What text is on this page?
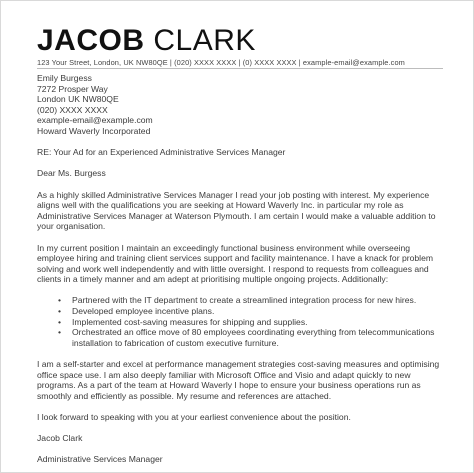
JACOB CLARK
123 Your Street, London, UK NW80QE | (020) XXXX XXXX | (0) XXXX XXXX | example-email@example.com
Emily Burgess
7272 Prosper Way
London UK NW80QE
(020) XXXX XXXX
example-email@example.com
Howard Waverly Incorporated

RE: Your Ad for an Experienced Administrative Services Manager

Dear Ms. Burgess

As a highly skilled Administrative Services Manager I read your job posting with interest. My experience aligns well with the qualifications you are seeking at Howard Waverly Inc. in particular my role as Administrative Services Manager at Waterson Plymouth. I am certain I would make a valuable addition to your organisation.

In my current position I maintain an exceedingly functional business environment while overseeing employee hiring and training client services support and facility maintenance. I have a knack for problem solving and work well independently and with little oversight. I respond to requests from colleagues and clients in a timely manner and am adept at prioritising multiple ongoing projects. Additionally:

• Partnered with the IT department to create a streamlined integration process for new hires.
• Developed employee incentive plans.
• Implemented cost-saving measures for shipping and supplies.
• Orchestrated an office move of 80 employees coordinating everything from telecommunications installation to fabrication of custom executive furniture.

I am a self-starter and excel at performance management strategies cost-saving measures and optimising office space use. I am also deeply familiar with Microsoft Office and Visio and adapt quickly to new programs. As a part of the team at Howard Waverly I hope to ensure your business operations run as smoothly and efficiently as possible. My resume and references are attached.

I look forward to speaking with you at your earliest convenience about the position.

Jacob Clark

Administrative Services Manager
